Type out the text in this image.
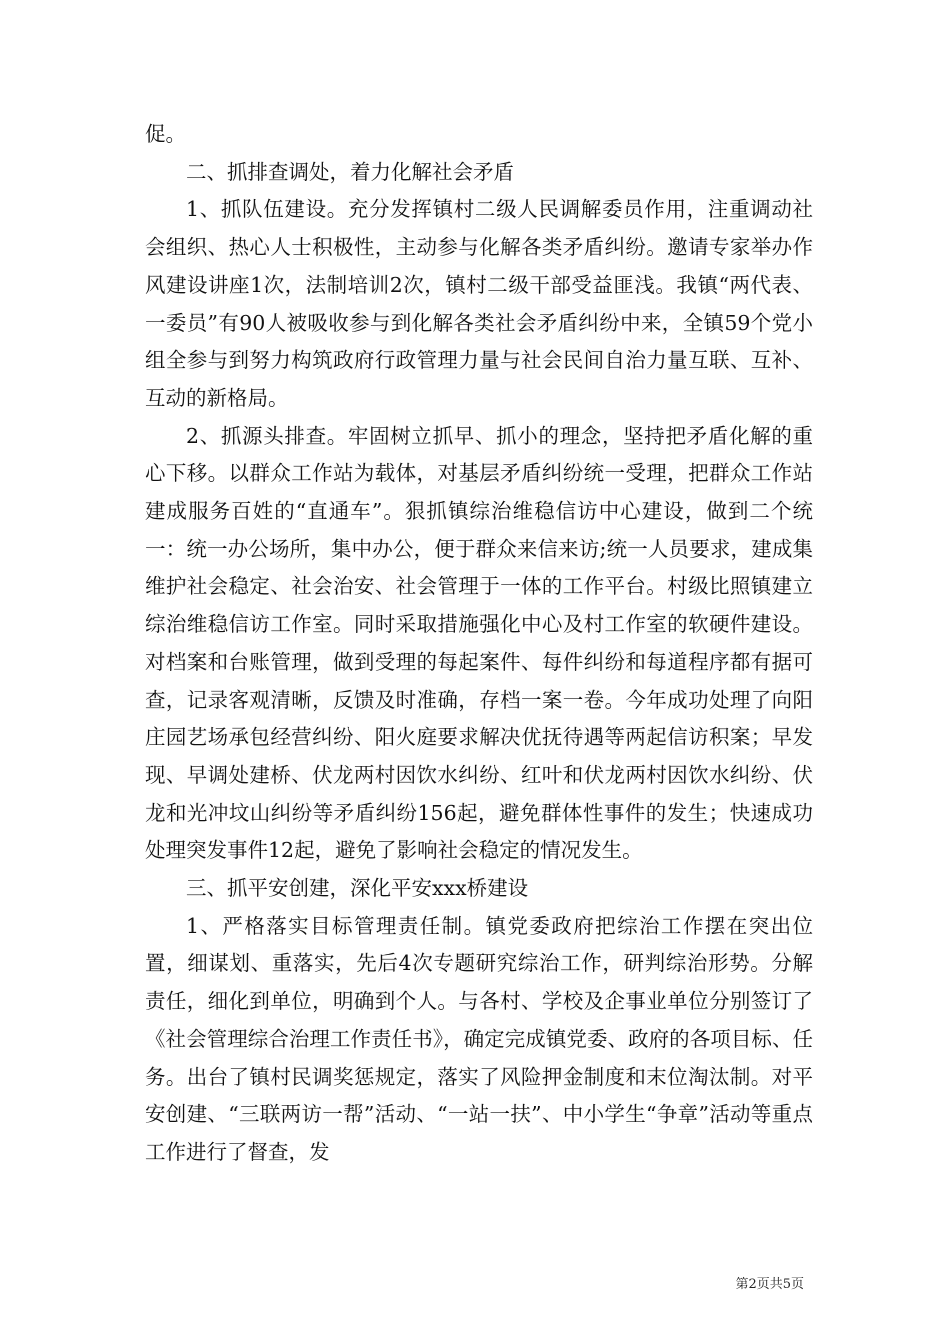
促。

二、抓排查调处，着力化解社会矛盾

1、抓队伍建设。充分发挥镇村二级人民调解委员作用，注重调动社会组织、热心人士积极性，主动参与化解各类矛盾纠纷。邀请专家举办作风建设讲座1次，法制培训2次，镇村二级干部受益匪浅。我镇“两代表、一委员”有90人被吸收参与到化解各类社会矛盾纠纷中来，全镇59个党小组全参与到努力构筑政府行政管理力量与社会民间自治力量互联、互补、互动的新格局。

2、抓源头排查。牢固树立抓早、抓小的理念，坚持把矛盾化解的重心下移。以群众工作站为载体，对基层矛盾纠纷统一受理，把群众工作站建成服务百姓的“直通车”。狠抓镇综治维稳信访中心建设，做到二个统一：统一办公场所，集中办公，便于群众来信来访;统一人员要求，建成集维护社会稳定、社会治安、社会管理于一体的工作平台。村级比照镇建立综治维稳信访工作室。同时采取措施强化中心及村工作室的软硬件建设。对档案和台账管理，做到受理的每起案件、每件纠纷和每道程序都有据可查，记录客观清晰，反馈及时准确，存档一案一卷。今年成功处理了向阳庄园艺场承包经营纠纷、阳火庭要求解决优抚待遇等两起信访积案；早发现、早调处建桥、伏龙两村因饮水纠纷、红叶和伏龙两村因饮水纠纷、伏龙和光冲坟山纠纷等矛盾纠纷156起，避免群体性事件的发生；快速成功处理突发事件12起，避免了影响社会稳定的情况发生。

三、抓平安创建，深化平安xxx桥建设

1、严格落实目标管理责任制。镇党委政府把综治工作摆在突出位置，细谋划、重落实，先后4次专题研究综治工作，研判综治形势。分解责任，细化到单位，明确到个人。与各村、学校及企事业单位分别签订了《社会管理综合治理工作责任书》，确定完成镇党委、政府的各项目标、任务。出台了镇村民调奖惩规定，落实了风险押金制度和末位淘汰制。对平安创建、“三联两访一帮”活动、“一站一扶”、中小学生“争章”活动等重点工作进行了督查，发

第2页共5页
